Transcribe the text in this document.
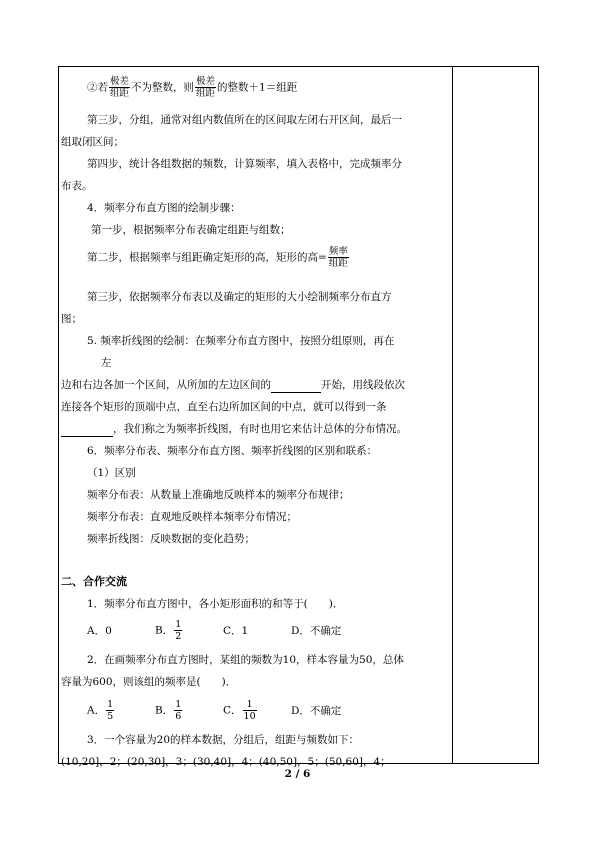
②若 $\frac{\text{极差}}{\text{组距}}$ 不为整数，则 $\frac{\text{极差}}{\text{组距}}$ 的整数＋1＝组距
第三步，分组，通常对组内数值所在的区间取左闭右开区间，最后一
组取闭区间；
第四步，统计各组数据的频数，计算频率，填入表格中，完成频率分
布表。
4．频率分布直方图的绘制步骤：
第一步，根据频率分布表确定组距与组数；
第二步，根据频率与组距确定矩形的高，矩形的高= $\frac{\text{频率}}{\text{组距}}$
第三步，依据频率分布表以及确定的矩形的大小绘制频率分布直方
图；
5. 频率折线图的绘制：在频率分布直方图中，按照分组原则，再在
左
边和右边各加一个区间，从所加的左边区间的	开始，用线段依次
连接各个矩形的顶端中点，直至右边所加区间的中点，就可以得到一条
，我们称之为频率折线图，有时也用它来估计总体的分布情况。
6．频率分布表、频率分布直方图、频率折线图的区别和联系：
（1）区别
频率分布表：从数量上准确地反映样本的频率分布规律；
频率分布表：直观地反映样本频率分布情况；
频率折线图：反映数据的变化趋势；
二、合作交流
1．频率分布直方图中，各小矩形面积的和等于(　　)．
A．0	B． $\frac{1}{2}$	C．1	D．不确定
2．在画频率分布直方图时，某组的频数为10，样本容量为50，总体
容量为600，则该组的频率是(　　)．
A． $\frac{1}{5}$	B． $\frac{1}{6}$	C． $\frac{1}{10}$	D．不确定
3．一个容量为20的样本数据，分组后，组距与频数如下：
(10,20]，2；(20,30]，3；(30,40]，4；(40,50]，5；(50,60]，4；
2 / 6
